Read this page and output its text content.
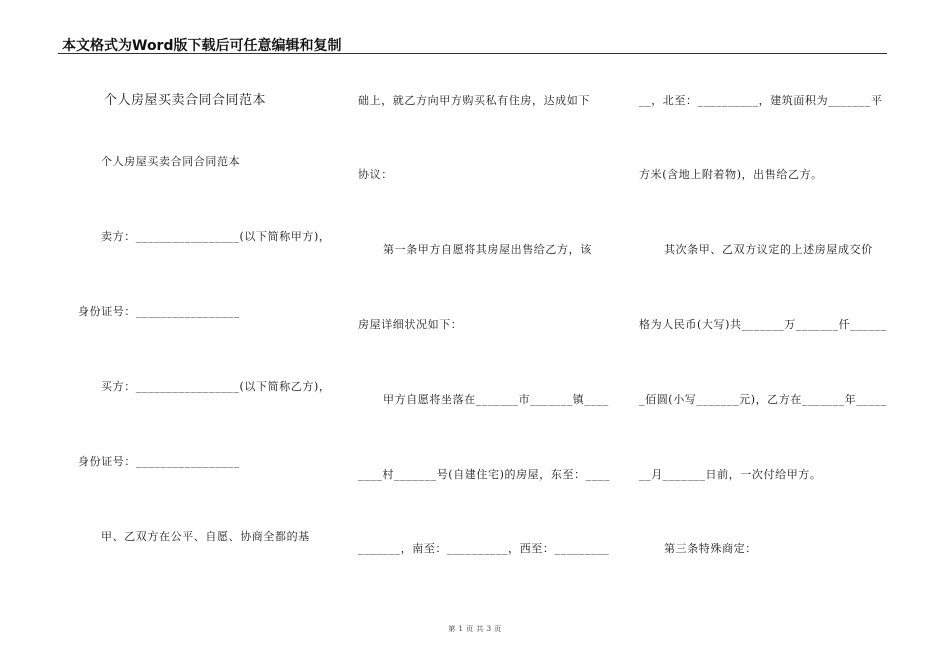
本文格式为Word版下载后可任意编辑和复制
个人房屋买卖合同合同范本
个人房屋买卖合同合同范本
卖方：_________________(以下简称甲方)，
身份证号：_________________
买方：_________________(以下简称乙方)，
身份证号：_________________
甲、乙双方在公平、自愿、协商全都的基
础上，就乙方向甲方购买私有住房，达成如下
协议：
第一条甲方自愿将其房屋出售给乙方，该
房屋详细状况如下：
甲方自愿将坐落在_______市_______镇____
____村_______号(自建住宅)的房屋，东至：____
_______，南至：__________，西至：_________
__，北至：__________，建筑面积为_______平
方米(含地上附着物)，出售给乙方。
其次条甲、乙双方议定的上述房屋成交价
格为人民币(大写)共_______万_______仟______
_佰圆(小写_______元)，乙方在_______年_____
__月_______日前，一次付给甲方。
第三条特殊商定：
第 1 页 共 3 页
